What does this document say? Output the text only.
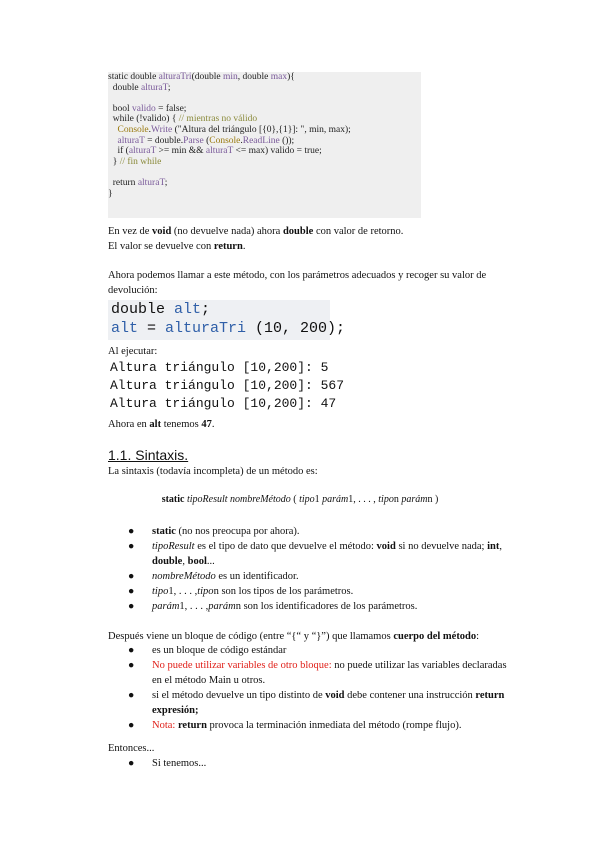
static double alturaTri(double min, double max){
double alturaT;
bool valido = false;
while (!valido) { // mientras no válido
Console.Write ("Altura del triángulo [{0},{1}]: ", min, max);
alturaT = double.Parse (Console.ReadLine ());
if (alturaT >= min && alturaT <= max) valido = true;
} // fin while
return alturaT;
}
En vez de void (no devuelve nada) ahora double con valor de retorno.
El valor se devuelve con return.
Ahora podemos llamar a este método, con los parámetros adecuados y recoger su valor de
devolución:
double alt;
alt = alturaTri (10, 200);
Al ejecutar:
Altura triángulo [10,200]: 5
Altura triángulo [10,200]: 567
Altura triángulo [10,200]: 47
Ahora en alt tenemos 47.
1.1. Sintaxis.
La sintaxis (todavía incompleta) de un método es:
static tipoResult nombreMétodo ( tipo1 parám1, . . . , tipon parámn )
● static (no nos preocupa por ahora).
● tipoResult es el tipo de dato que devuelve el método: void si no devuelve nada; int,
double, bool...
● nombreMétodo es un identificador.
● tipo1, . . . ,tipon son los tipos de los parámetros.
● parám1, . . . ,parámn son los identificadores de los parámetros.
Después viene un bloque de código (entre “{“ y “}”) que llamamos cuerpo del método:
● es un bloque de código estándar
● No puede utilizar variables de otro bloque: no puede utilizar las variables declaradas
en el método Main u otros.
● si el método devuelve un tipo distinto de void debe contener una instrucción return
expresión;
● Nota: return provoca la terminación inmediata del método (rompe flujo).
Entonces...
● Si tenemos...
